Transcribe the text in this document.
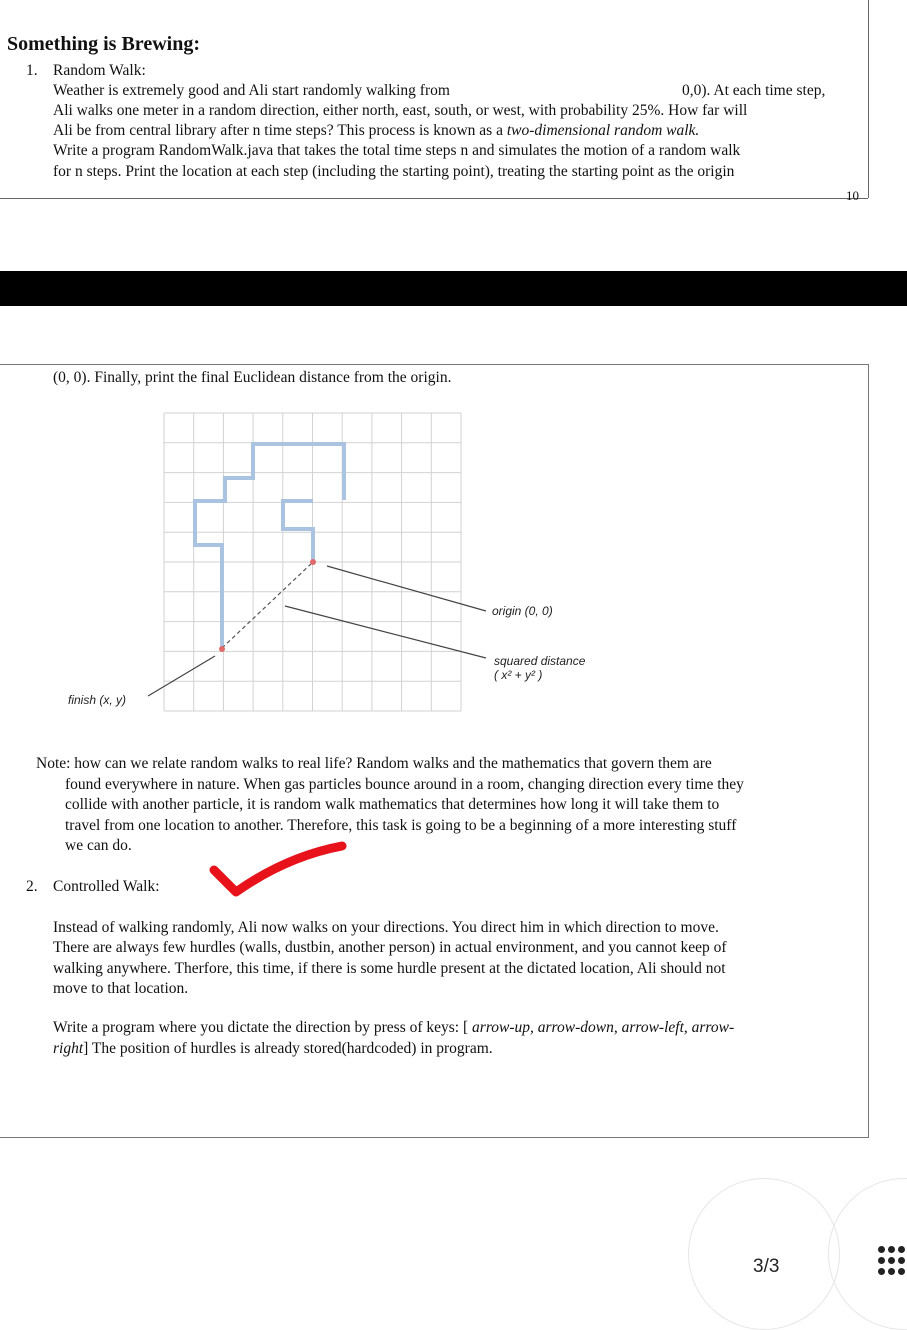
Something is Brewing:
1. Random Walk:
Weather is extremely good and Ali start randomly walking from	0,0). At each time step,
Ali walks one meter in a random direction, either north, east, south, or west, with probability 25%. How far will
Ali be from central library after n time steps? This process is known as a two-dimensional random walk.
Write a program RandomWalk.java that takes the total time steps n and simulates the motion of a random walk
for n steps. Print the location at each step (including the starting point), treating the starting point as the origin
10
(0, 0). Finally, print the final Euclidean distance from the origin.
origin (0, 0)
squared distance
( x² + y² )
finish (x, y)
Note: how can we relate random walks to real life? Random walks and the mathematics that govern them are
found everywhere in nature. When gas particles bounce around in a room, changing direction every time they
collide with another particle, it is random walk mathematics that determines how long it will take them to
travel from one location to another. Therefore, this task is going to be a beginning of a more interesting stuff
we can do.
2. Controlled Walk:
Instead of walking randomly, Ali now walks on your directions. You direct him in which direction to move.
There are always few hurdles (walls, dustbin, another person) in actual environment, and you cannot keep of
walking anywhere. Therfore, this time, if there is some hurdle present at the dictated location, Ali should not
move to that location.
Write a program where you dictate the direction by press of keys: [ arrow-up, arrow-down, arrow-left, arrow-
right] The position of hurdles is already stored(hardcoded) in program.
3/3
